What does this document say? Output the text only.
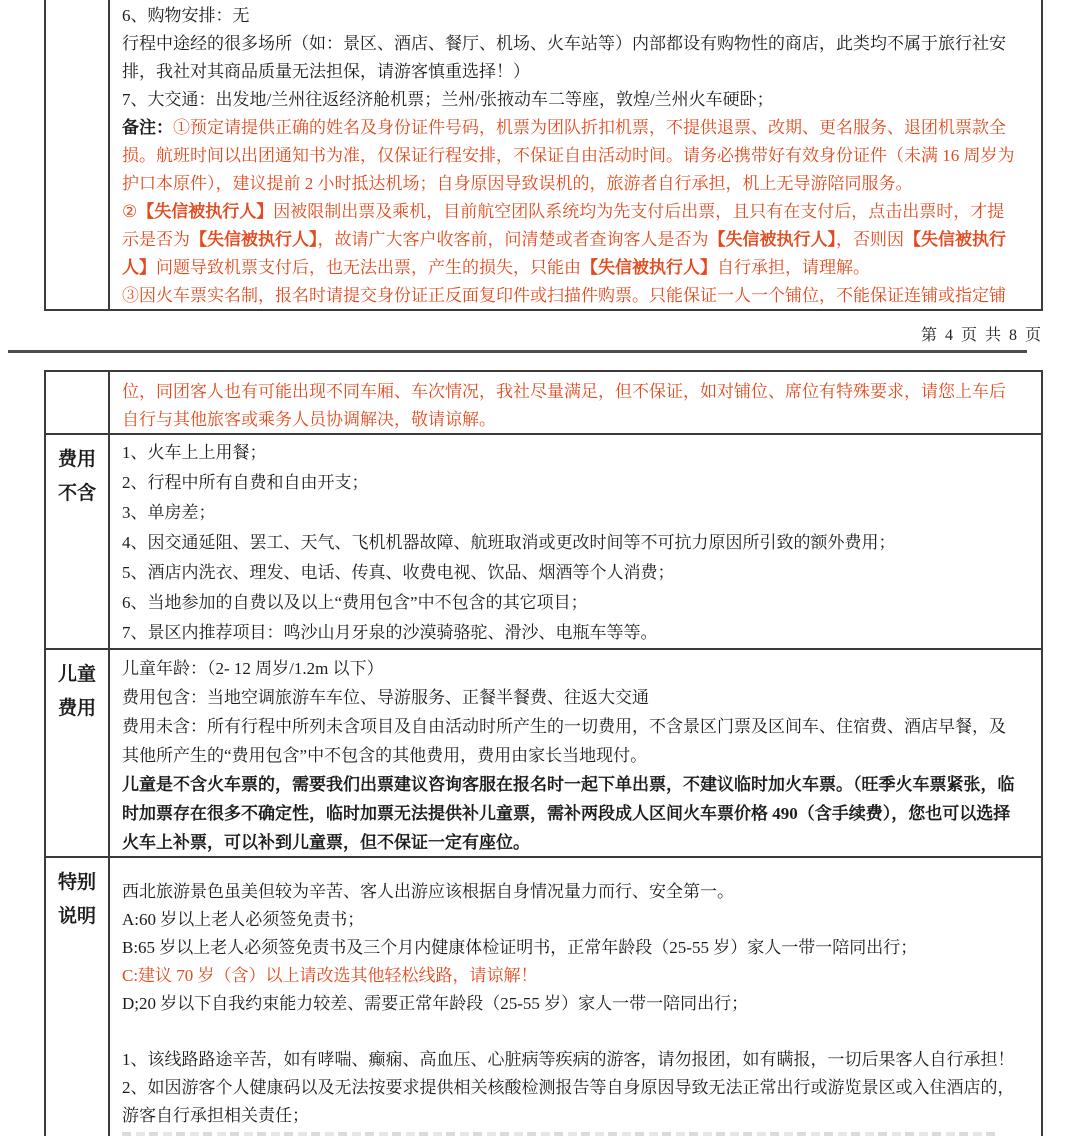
6、购物安排：无
行程中途经的很多场所（如：景区、酒店、餐厅、机场、火车站等）内部都设有购物性的商店，此类均不属于旅行社安
排，我社对其商品质量无法担保，请游客慎重选择！）
7、大交通：出发地/兰州往返经济舱机票；兰州/张掖动车二等座，敦煌/兰州火车硬卧；
备注：①预定请提供正确的姓名及身份证件号码，机票为团队折扣机票，不提供退票、改期、更名服务、退团机票款全
损。航班时间以出团通知书为准，仅保证行程安排，不保证自由活动时间。请务必携带好有效身份证件（未满 16 周岁为
护口本原件），建议提前 2 小时抵达机场；自身原因导致误机的，旅游者自行承担，机上无导游陪同服务。
②【失信被执行人】因被限制出票及乘机，目前航空团队系统均为先支付后出票，且只有在支付后，点击出票时，才提
示是否为【失信被执行人】，故请广大客户收客前，问清楚或者查询客人是否为【失信被执行人】，否则因【失信被执行
人】问题导致机票支付后，也无法出票，产生的损失，只能由【失信被执行人】自行承担，请理解。
③因火车票实名制，报名时请提交身份证正反面复印件或扫描件购票。只能保证一人一个铺位，不能保证连铺或指定铺
第 4 页 共 8 页
位，同团客人也有可能出现不同车厢、车次情况，我社尽量满足，但不保证，如对铺位、席位有特殊要求，请您上车后
自行与其他旅客或乘务人员协调解决，敬请谅解。
费用
不含
1、火车上上用餐；
2、行程中所有自费和自由开支；
3、单房差；
4、因交通延阻、罢工、天气、飞机机器故障、航班取消或更改时间等不可抗力原因所引致的额外费用；
5、酒店内洗衣、理发、电话、传真、收费电视、饮品、烟酒等个人消费；
6、当地参加的自费以及以上“费用包含”中不包含的其它项目；
7、景区内推荐项目：鸣沙山月牙泉的沙漠骑骆驼、滑沙、电瓶车等等。
儿童
费用
儿童年龄：（2- 12 周岁/1.2m 以下）
费用包含：当地空调旅游车车位、导游服务、正餐半餐费、往返大交通
费用未含：所有行程中所列未含项目及自由活动时所产生的一切费用，不含景区门票及区间车、住宿费、酒店早餐，及
其他所产生的“费用包含”中不包含的其他费用，费用由家长当地现付。
儿童是不含火车票的，需要我们出票建议咨询客服在报名时一起下单出票，不建议临时加火车票。（旺季火车票紧张，临
时加票存在很多不确定性，临时加票无法提供补儿童票，需补两段成人区间火车票价格 490（含手续费），您也可以选择
火车上补票，可以补到儿童票，但不保证一定有座位。
特别
说明
西北旅游景色虽美但较为辛苦、客人出游应该根据自身情况量力而行、安全第一。
A:60 岁以上老人必须签免责书；
B:65 岁以上老人必须签免责书及三个月内健康体检证明书，正常年龄段（25-55 岁）家人一带一陪同出行；
C:建议 70 岁（含）以上请改选其他轻松线路，请谅解！
D;20 岁以下自我约束能力较差、需要正常年龄段（25-55 岁）家人一带一陪同出行；
1、该线路路途辛苦，如有哮喘、癫痫、高血压、心脏病等疾病的游客，请勿报团，如有瞒报，一切后果客人自行承担！
2、如因游客个人健康码以及无法按要求提供相关核酸检测报告等自身原因导致无法正常出行或游览景区或入住酒店的，
游客自行承担相关责任；
